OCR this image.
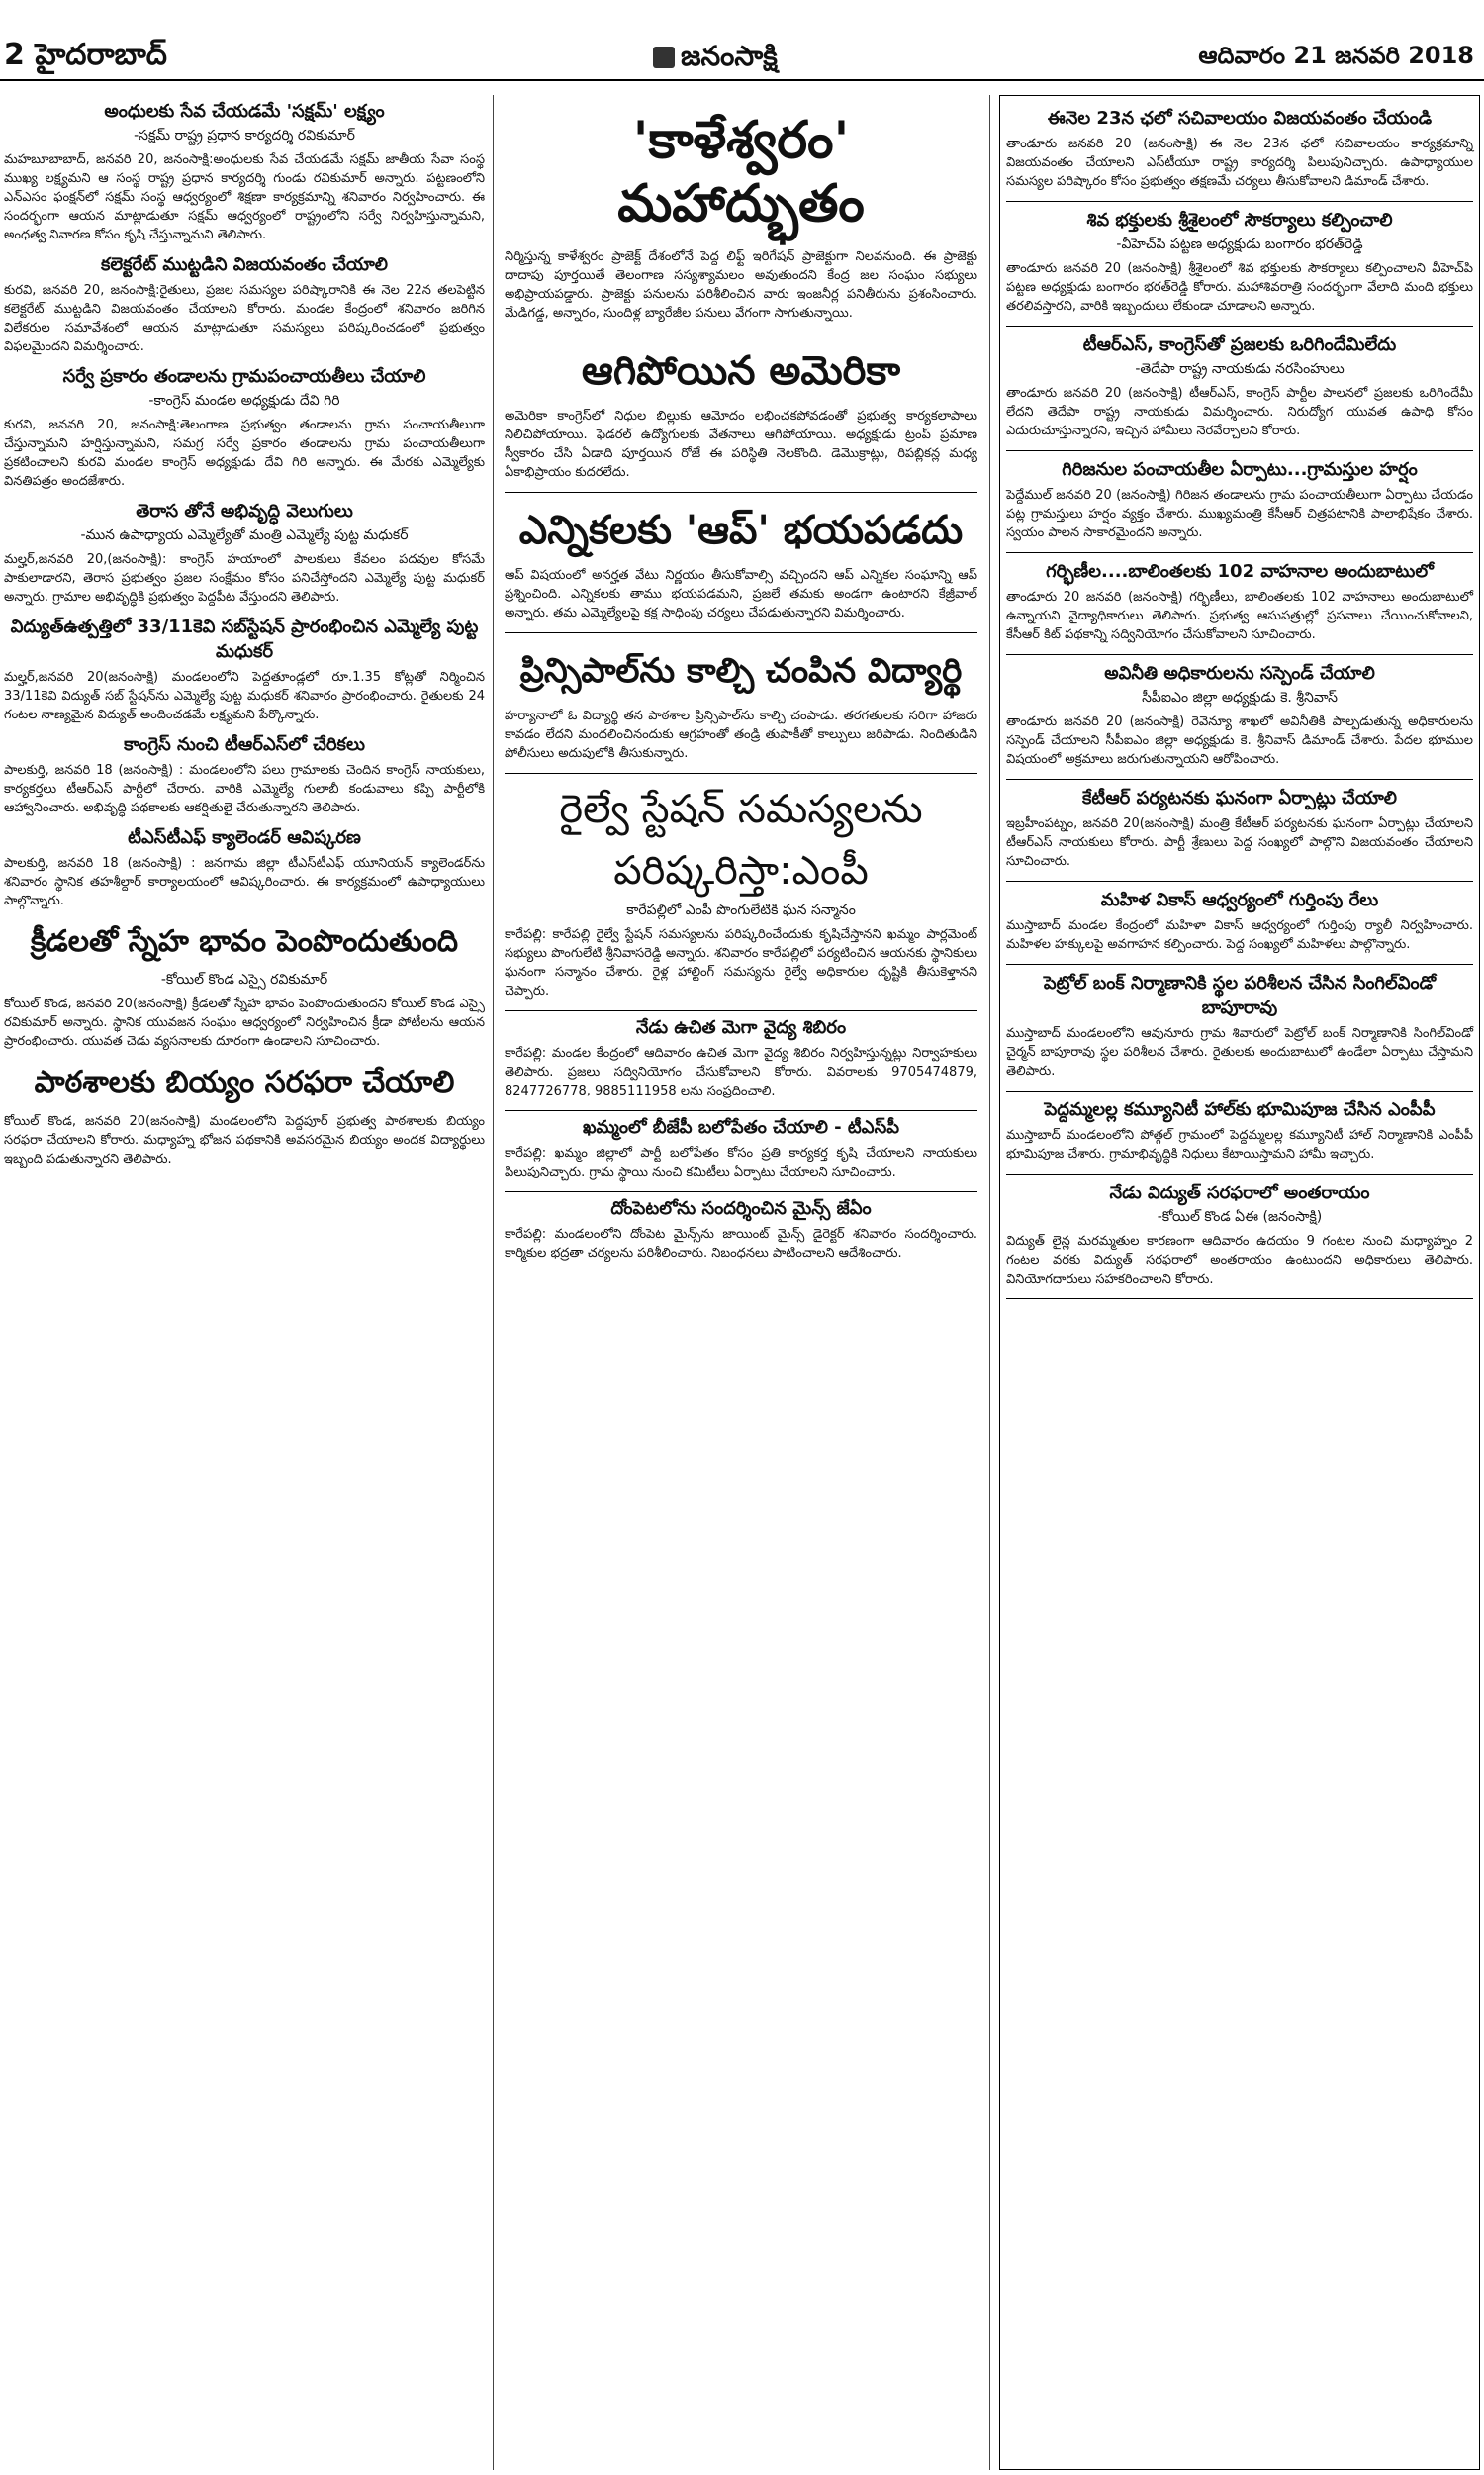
2 హైదరాబాద్	జనంసాక్షి	ఆదివారం 21 జనవరి 2018
అంధులకు సేవ చేయడమే 'సక్షమ్' లక్ష్యం
-సక్షమ్ రాష్ట్ర ప్రధాన కార్యదర్శి రవికుమార్

మహబూబాబాద్, జనవరి 20, జనంసాక్షి:అంధులకు సేవ చేయడమే సక్షమ్ జాతీయ సేవా సంస్థ ముఖ్య లక్ష్యమని ఆ సంస్థ రాష్ట్ర ప్రధాన కార్యదర్శి గుండు రవికుమార్ అన్నారు. పట్టణంలోని ఎన్ఎసం ఫంక్షన్‌లో సక్షమ్ సంస్థ ఆధ్వర్యంలో శిక్షణా కార్యక్రమాన్ని శనివారం నిర్వహించారు. ఈ సందర్భంగా ఆయన మాట్లాడుతూ సక్షమ్ ఆధ్వర్యంలో రాష్ట్రంలోని సర్వే నిర్వహిస్తున్నామని, అంధత్వ నివారణ కోసం కృషి చేస్తున్నామని తెలిపారు.

కలెక్టరేట్ ముట్టడిని విజయవంతం చేయాలి

కురవి, జనవరి 20, జనంసాక్షి:రైతులు, ప్రజల సమస్యల పరిష్కారానికి ఈ నెల 22న తలపెట్టిన కలెక్టరేట్ ముట్టడిని విజయవంతం చేయాలని కోరారు. మండల కేంద్రంలో శనివారం జరిగిన విలేకరుల సమావేశంలో ఆయన మాట్లాడుతూ సమస్యలు పరిష్కరించడంలో ప్రభుత్వం విఫలమైందని విమర్శించారు.

సర్వే ప్రకారం తండాలను గ్రామపంచాయతీలు చేయాలి
-కాంగ్రెస్ మండల అధ్యక్షుడు దేవి గిరి

కురవి, జనవరి 20, జనంసాక్షి:తెలంగాణ ప్రభుత్వం తండాలను గ్రామ పంచాయతీలుగా చేస్తున్నామని హర్షిస్తున్నామని, సమగ్ర సర్వే ప్రకారం తండాలను గ్రామ పంచాయతీలుగా ప్రకటించాలని కురవి మండల కాంగ్రెస్ అధ్యక్షుడు దేవి గిరి అన్నారు. ఈ మేరకు ఎమ్మెల్యేకు వినతిపత్రం అందజేశారు.

తెరాస తోనే అభివృద్ధి వెలుగులు
-మున ఉపాధ్యాయ ఎమ్మెల్యేతో మంత్రి ఎమ్మెల్యే పుట్ట మధుకర్

మల్హర్,జనవరి 20,(జనంసాక్షి): కాంగ్రెస్ హయాంలో పాలకులు కేవలం పదవుల కోసమే పాకులాడారని, తెరాస ప్రభుత్వం ప్రజల సంక్షేమం కోసం పనిచేస్తోందని ఎమ్మెల్యే పుట్ట మధుకర్ అన్నారు. గ్రామాల అభివృద్ధికి ప్రభుత్వం పెద్దపీట వేస్తుందని తెలిపారు.

విద్యుత్‌ఉత్పత్తిలో 33/11కెవి సబ్‌స్టేషన్ ప్రారంభించిన ఎమ్మెల్యే పుట్ట మధుకర్

మల్హర్,జనవరి 20(జనంసాక్షి) మండలంలోని పెద్దతూండ్లలో రూ.1.35 కోట్లతో నిర్మించిన 33/11కెవి విద్యుత్ సబ్ స్టేషన్‌ను ఎమ్మెల్యే పుట్ట మధుకర్ శనివారం ప్రారంభించారు. రైతులకు 24 గంటల నాణ్యమైన విద్యుత్ అందించడమే లక్ష్యమని పేర్కొన్నారు.

కాంగ్రెస్ నుంచి టీఆర్‌ఎస్‌లో చేరికలు

పాలకుర్తి, జనవరి 18 (జనంసాక్షి) : మండలంలోని పలు గ్రామాలకు చెందిన కాంగ్రెస్ నాయకులు, కార్యకర్తలు టీఆర్‌ఎస్ పార్టీలో చేరారు. వారికి ఎమ్మెల్యే గులాబీ కండువాలు కప్పి పార్టీలోకి ఆహ్వానించారు. అభివృద్ధి పథకాలకు ఆకర్షితులై చేరుతున్నారని తెలిపారు.

టీఎస్‌టీఎఫ్ క్యాలెండర్ ఆవిష్కరణ

పాలకుర్తి, జనవరి 18 (జనంసాక్షి) : జనగామ జిల్లా టీఎస్‌టీఎఫ్ యూనియన్ క్యాలెండర్‌ను శనివారం స్థానిక తహశీల్దార్ కార్యాలయంలో ఆవిష్కరించారు. ఈ కార్యక్రమంలో ఉపాధ్యాయులు పాల్గొన్నారు.

క్రీడలతో స్నేహ భావం పెంపొందుతుంది
-కోయిల్ కొండ ఎస్సై రవికుమార్

కోయిల్ కొండ, జనవరి 20(జనంసాక్షి) క్రీడలతో స్నేహ భావం పెంపొందుతుందని కోయిల్ కొండ ఎస్సై రవికుమార్ అన్నారు. స్థానిక యువజన సంఘం ఆధ్వర్యంలో నిర్వహించిన క్రీడా పోటీలను ఆయన ప్రారంభించారు. యువత చెడు వ్యసనాలకు దూరంగా ఉండాలని సూచించారు.

పాఠశాలకు బియ్యం సరఫరా చేయాలి

కోయిల్ కొండ, జనవరి 20(జనంసాక్షి) మండలంలోని పెద్దపూర్ ప్రభుత్వ పాఠశాలకు బియ్యం సరఫరా చేయాలని కోరారు. మధ్యాహ్న భోజన పథకానికి అవసరమైన బియ్యం అందక విద్యార్థులు ఇబ్బంది పడుతున్నారని తెలిపారు.

'కాళేశ్వరం' మహాద్భుతం

నిర్మిస్తున్న కాళేశ్వరం ప్రాజెక్ట్ దేశంలోనే పెద్ద లిఫ్ట్ ఇరిగేషన్ ప్రాజెక్టుగా నిలవనుంది. ఈ ప్రాజెక్టు దాదాపు పూర్తయితే తెలంగాణ సస్యశ్యామలం అవుతుందని కేంద్ర జల సంఘం సభ్యులు అభిప్రాయపడ్డారు. ప్రాజెక్టు పనులను పరిశీలించిన వారు ఇంజనీర్ల పనితీరును ప్రశంసించారు. మేడిగడ్డ, అన్నారం, సుందిళ్ల బ్యారేజీల పనులు వేగంగా సాగుతున్నాయి.

ఆగిపోయిన అమెరికా

అమెరికా కాంగ్రెస్‌లో నిధుల బిల్లుకు ఆమోదం లభించకపోవడంతో ప్రభుత్వ కార్యకలాపాలు నిలిచిపోయాయి. ఫెడరల్ ఉద్యోగులకు వేతనాలు ఆగిపోయాయి. అధ్యక్షుడు ట్రంప్ ప్రమాణ స్వీకారం చేసి ఏడాది పూర్తయిన రోజే ఈ పరిస్థితి నెలకొంది. డెమొక్రాట్లు, రిపబ్లికన్ల మధ్య ఏకాభిప్రాయం కుదరలేదు.

ఎన్నికలకు 'ఆప్' భయపడదు

ఆప్ విషయంలో అనర్హత వేటు నిర్ణయం తీసుకోవాల్సి వచ్చిందని ఆప్ ఎన్నికల సంఘాన్ని ఆప్ ప్రశ్నించింది. ఎన్నికలకు తాము భయపడమని, ప్రజలే తమకు అండగా ఉంటారని కేజ్రీవాల్ అన్నారు. తమ ఎమ్మెల్యేలపై కక్ష సాధింపు చర్యలు చేపడుతున్నారని విమర్శించారు.

ప్రిన్సిపాల్‌ను కాల్చి చంపిన విద్యార్థి

హర్యానాలో ఓ విద్యార్థి తన పాఠశాల ప్రిన్సిపాల్‌ను కాల్చి చంపాడు. తరగతులకు సరిగా హాజరు కావడం లేదని మందలించినందుకు ఆగ్రహంతో తండ్రి తుపాకీతో కాల్పులు జరిపాడు. నిందితుడిని పోలీసులు అదుపులోకి తీసుకున్నారు.

రైల్వే స్టేషన్ సమస్యలను
పరిష్కరిస్తా:ఎంపీ
కారేపల్లిలో ఎంపీ పొంగులేటికి ఘన సన్మానం

కారేపల్లి: కారేపల్లి రైల్వే స్టేషన్ సమస్యలను పరిష్కరించేందుకు కృషిచేస్తానని ఖమ్మం పార్లమెంట్ సభ్యులు పొంగులేటి శ్రీనివాసరెడ్డి అన్నారు. శనివారం కారేపల్లిలో పర్యటించిన ఆయనకు స్థానికులు ఘనంగా సన్మానం చేశారు. రైళ్ల హాల్టింగ్ సమస్యను రైల్వే అధికారుల దృష్టికి తీసుకెళ్తానని చెప్పారు.

నేడు ఉచిత మెగా వైద్య శిబిరం

కారేపల్లి: మండల కేంద్రంలో ఆదివారం ఉచిత మెగా వైద్య శిబిరం నిర్వహిస్తున్నట్లు నిర్వాహకులు తెలిపారు. ప్రజలు సద్వినియోగం చేసుకోవాలని కోరారు. వివరాలకు 9705474879, 8247726778, 9885111958 లను సంప్రదించాలి.

ఖమ్మంలో బీజేపీ బలోపేతం చేయాలి - టీఎస్‌పీ

కారేపల్లి: ఖమ్మం జిల్లాలో పార్టీ బలోపేతం కోసం ప్రతి కార్యకర్త కృషి చేయాలని నాయకులు పిలుపునిచ్చారు. గ్రామ స్థాయి నుంచి కమిటీలు ఏర్పాటు చేయాలని సూచించారు.

దోంపెటలోను సందర్శించిన మైన్స్ జేఏం

కారేపల్లి: మండలంలోని దోంపెట మైన్స్‌ను జాయింట్ మైన్స్ డైరెక్టర్ శనివారం సందర్శించారు. కార్మికుల భద్రతా చర్యలను పరిశీలించారు. నిబంధనలు పాటించాలని ఆదేశించారు.

ఈనెల 23న ఛలో సచివాలయం విజయవంతం చేయండి

తాండూరు జనవరి 20 (జనంసాక్షి) ఈ నెల 23న ఛలో సచివాలయం కార్యక్రమాన్ని విజయవంతం చేయాలని ఎస్‌టీయూ రాష్ట్ర కార్యదర్శి పిలుపునిచ్చారు. ఉపాధ్యాయుల సమస్యల పరిష్కారం కోసం ప్రభుత్వం తక్షణమే చర్యలు తీసుకోవాలని డిమాండ్ చేశారు.

శివ భక్తులకు శ్రీశైలంలో సౌకర్యాలు కల్పించాలి
-వీహెచ్‌పి పట్టణ అధ్యక్షుడు బంగారం భరత్‌రెడ్డి

తాండూరు జనవరి 20 (జనంసాక్షి) శ్రీశైలంలో శివ భక్తులకు సౌకర్యాలు కల్పించాలని వీహెచ్‌పి పట్టణ అధ్యక్షుడు బంగారం భరత్‌రెడ్డి కోరారు. మహాశివరాత్రి సందర్భంగా వేలాది మంది భక్తులు తరలివస్తారని, వారికి ఇబ్బందులు లేకుండా చూడాలని అన్నారు.

టీఆర్‌ఎస్, కాంగ్రెస్‌తో ప్రజలకు ఒరిగిందేమిలేదు
-తెదేపా రాష్ట్ర నాయకుడు నరసింహులు

తాండూరు జనవరి 20 (జనంసాక్షి) టీఆర్‌ఎస్, కాంగ్రెస్ పార్టీల పాలనలో ప్రజలకు ఒరిగిందేమీ లేదని తెదేపా రాష్ట్ర నాయకుడు విమర్శించారు. నిరుద్యోగ యువత ఉపాధి కోసం ఎదురుచూస్తున్నారని, ఇచ్చిన హామీలు నెరవేర్చాలని కోరారు.

గిరిజనుల పంచాయతీల ఏర్పాటు...గ్రామస్తుల హర్షం

పెద్దేముల్ జనవరి 20 (జనంసాక్షి) గిరిజన తండాలను గ్రామ పంచాయతీలుగా ఏర్పాటు చేయడం పట్ల గ్రామస్తులు హర్షం వ్యక్తం చేశారు. ముఖ్యమంత్రి కేసీఆర్ చిత్రపటానికి పాలాభిషేకం చేశారు. స్వయం పాలన సాకారమైందని అన్నారు.

గర్భిణీల....బాలింతలకు 102 వాహనాల అందుబాటులో

తాండూరు 20 జనవరి (జనంసాక్షి) గర్భిణీలు, బాలింతలకు 102 వాహనాలు అందుబాటులో ఉన్నాయని వైద్యాధికారులు తెలిపారు. ప్రభుత్వ ఆసుపత్రుల్లో ప్రసవాలు చేయించుకోవాలని, కేసీఆర్ కిట్ పథకాన్ని సద్వినియోగం చేసుకోవాలని సూచించారు.

అవినీతి అధికారులను సస్పెండ్ చేయాలి
సీపీఐఎం జిల్లా అధ్యక్షుడు కె. శ్రీనివాస్

తాండూరు జనవరి 20 (జనంసాక్షి) రెవెన్యూ శాఖలో అవినీతికి పాల్పడుతున్న అధికారులను సస్పెండ్ చేయాలని సీపీఐఎం జిల్లా అధ్యక్షుడు కె. శ్రీనివాస్ డిమాండ్ చేశారు. పేదల భూముల విషయంలో అక్రమాలు జరుగుతున్నాయని ఆరోపించారు.

కేటీఆర్ పర్యటనకు ఘనంగా ఏర్పాట్లు చేయాలి

ఇబ్రహీంపట్నం, జనవరి 20(జనంసాక్షి) మంత్రి కేటీఆర్ పర్యటనకు ఘనంగా ఏర్పాట్లు చేయాలని టీఆర్‌ఎస్ నాయకులు కోరారు. పార్టీ శ్రేణులు పెద్ద సంఖ్యలో పాల్గొని విజయవంతం చేయాలని సూచించారు.

మహిళ వికాస్ ఆధ్వర్యంలో గుర్తింపు రేలు

ముస్తాబాద్ మండల కేంద్రంలో మహిళా వికాస్ ఆధ్వర్యంలో గుర్తింపు ర్యాలీ నిర్వహించారు. మహిళల హక్కులపై అవగాహన కల్పించారు. పెద్ద సంఖ్యలో మహిళలు పాల్గొన్నారు.

పెట్రోల్ బంక్ నిర్మాణానికి స్థల పరిశీలన చేసిన సింగిల్‌విండో బాపూరావు

ముస్తాబాద్ మండలంలోని ఆవునూరు గ్రామ శివారులో పెట్రోల్ బంక్ నిర్మాణానికి సింగిల్‌విండో చైర్మన్ బాపూరావు స్థల పరిశీలన చేశారు. రైతులకు అందుబాటులో ఉండేలా ఏర్పాటు చేస్తామని తెలిపారు.

పెద్దమ్మలల్ల కమ్యూనిటీ హాల్‌కు భూమిపూజ చేసిన ఎంపీపీ

ముస్తాబాద్ మండలంలోని పోత్గల్ గ్రామంలో పెద్దమ్మలల్ల కమ్యూనిటీ హాల్ నిర్మాణానికి ఎంపీపీ భూమిపూజ చేశారు. గ్రామాభివృద్ధికి నిధులు కేటాయిస్తామని హామీ ఇచ్చారు.

నేడు విద్యుత్ సరఫరాలో అంతరాయం
-కోయిల్ కొండ ఏఈ (జనంసాక్షి)

విద్యుత్ లైన్ల మరమ్మతుల కారణంగా ఆదివారం ఉదయం 9 గంటల నుంచి మధ్యాహ్నం 2 గంటల వరకు విద్యుత్ సరఫరాలో అంతరాయం ఉంటుందని అధికారులు తెలిపారు. వినియోగదారులు సహకరించాలని కోరారు.
